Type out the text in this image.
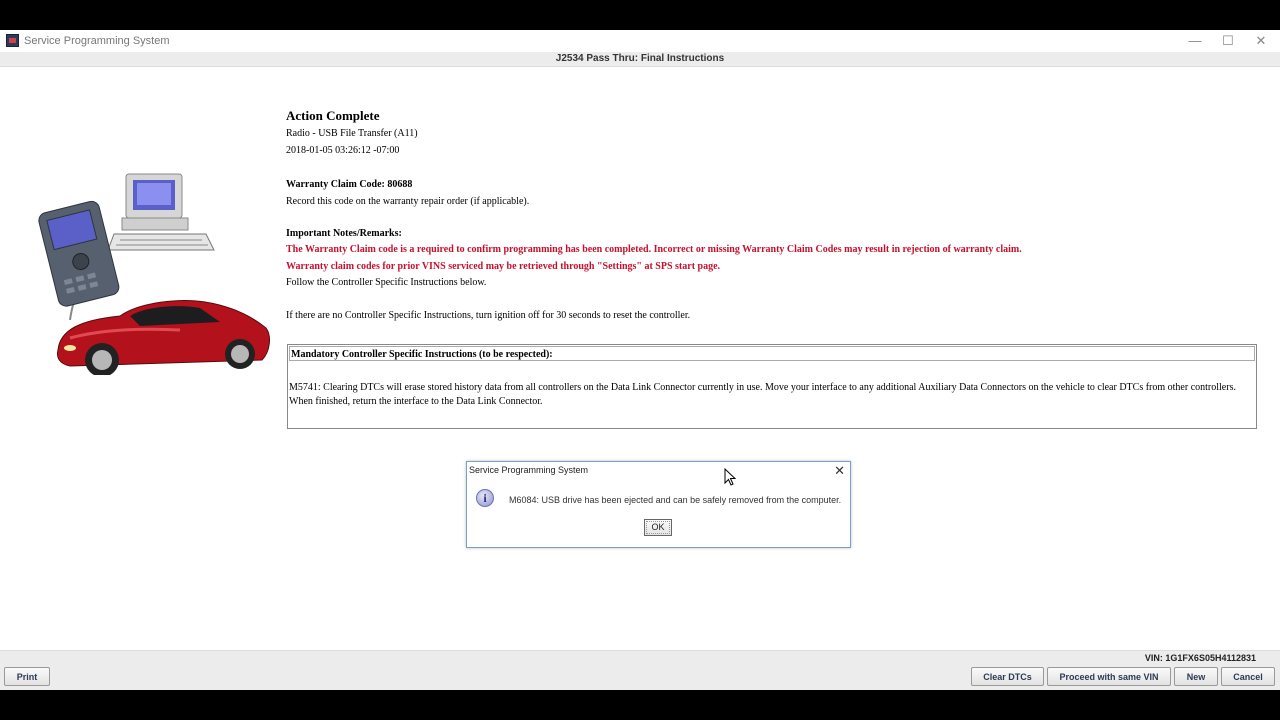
Service Programming System	—	☐	✕
J2534 Pass Thru: Final Instructions
Action Complete
Radio - USB File Transfer (A11)
2018-01-05 03:26:12 -07:00
Warranty Claim Code: 80688
Record this code on the warranty repair order (if applicable).
Important Notes/Remarks:
The Warranty Claim code is a required to confirm programming has been completed. Incorrect or missing Warranty Claim Codes may result in rejection of warranty claim.
Warranty claim codes for prior VINS serviced may be retrieved through "Settings" at SPS start page.
Follow the Controller Specific Instructions below.
If there are no Controller Specific Instructions, turn ignition off for 30 seconds to reset the controller.
Mandatory Controller Specific Instructions (to be respected):
M5741: Clearing DTCs will erase stored history data from all controllers on the Data Link Connector currently in use. Move your interface to any additional Auxiliary Data Connectors on the vehicle to clear DTCs from other controllers. When finished, return the interface to the Data Link Connector.
VIN: 1G1FX6S05H4112831
Print	Clear DTCs	Proceed with same VIN	New	Cancel
Service Programming System	✕
i	M6084: USB drive has been ejected and can be safely removed from the computer.
OK
